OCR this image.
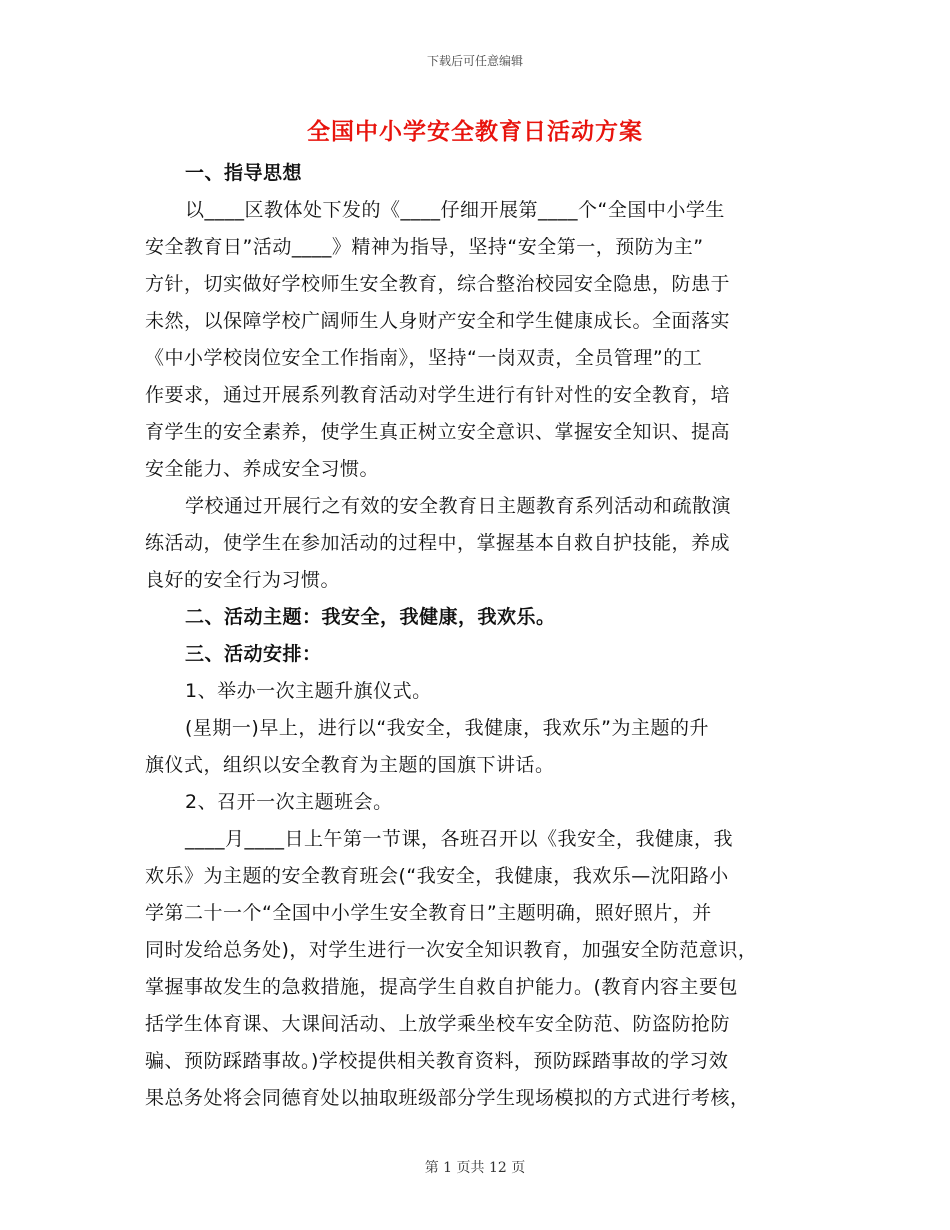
下载后可任意编辑
全国中小学安全教育日活动方案
一、指导思想
以____区教体处下发的《____仔细开展第____个“全国中小学生
安全教育日”活动____》精神为指导，坚持“安全第一，预防为主”
方针，切实做好学校师生安全教育，综合整治校园安全隐患，防患于
未然，以保障学校广阔师生人身财产安全和学生健康成长。全面落实
《中小学校岗位安全工作指南》，坚持“一岗双责，全员管理”的工
作要求，通过开展系列教育活动对学生进行有针对性的安全教育，培
育学生的安全素养，使学生真正树立安全意识、掌握安全知识、提高
安全能力、养成安全习惯。
学校通过开展行之有效的安全教育日主题教育系列活动和疏散演
练活动，使学生在参加活动的过程中，掌握基本自救自护技能，养成
良好的安全行为习惯。
二、活动主题：我安全，我健康，我欢乐。
三、活动安排：
1、举办一次主题升旗仪式。
(星期一)早上，进行以“我安全，我健康，我欢乐”为主题的升
旗仪式，组织以安全教育为主题的国旗下讲话。
2、召开一次主题班会。
____月____日上午第一节课，各班召开以《我安全，我健康，我
欢乐》为主题的安全教育班会(“我安全，我健康，我欢乐—沈阳路小
学第二十一个“全国中小学生安全教育日”主题明确，照好照片，并
同时发给总务处)，对学生进行一次安全知识教育，加强安全防范意识，
掌握事故发生的急救措施，提高学生自救自护能力。(教育内容主要包
括学生体育课、大课间活动、上放学乘坐校车安全防范、防盗防抢防
骗、预防踩踏事故。)学校提供相关教育资料，预防踩踏事故的学习效
果总务处将会同德育处以抽取班级部分学生现场模拟的方式进行考核，
第 1 页共 12 页
